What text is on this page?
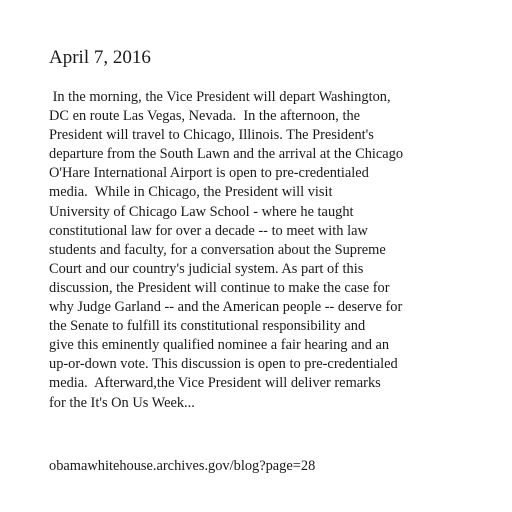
April 7, 2016
In the morning, the Vice President will depart Washington,
DC en route Las Vegas, Nevada.  In the afternoon, the
President will travel to Chicago, Illinois. The President's
departure from the South Lawn and the arrival at the Chicago
O'Hare International Airport is open to pre-credentialed
media.  While in Chicago, the President will visit
University of Chicago Law School - where he taught
constitutional law for over a decade -- to meet with law
students and faculty, for a conversation about the Supreme
Court and our country's judicial system. As part of this
discussion, the President will continue to make the case for
why Judge Garland -- and the American people -- deserve for
the Senate to fulfill its constitutional responsibility and
give this eminently qualified nominee a fair hearing and an
up-or-down vote. This discussion is open to pre-credentialed
media.  Afterward,the Vice President will deliver remarks
for the It's On Us Week...
obamawhitehouse.archives.gov/blog?page=28
